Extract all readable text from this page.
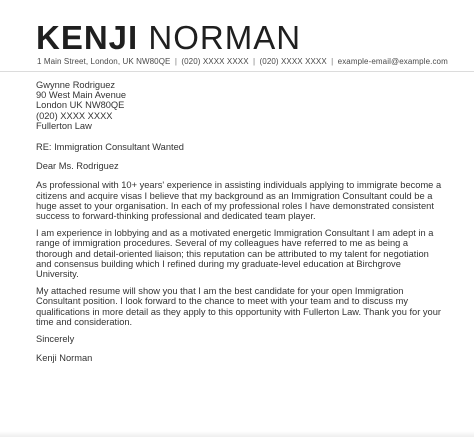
KENJI NORMAN
1 Main Street, London, UK NW80QE | (020) XXXX XXXX | (020) XXXX XXXX | example-email@example.com
Gwynne Rodriguez
90 West Main Avenue
London UK NW80QE
(020) XXXX XXXX
Fullerton Law

RE: Immigration Consultant Wanted

Dear Ms. Rodriguez

As professional with 10+ years' experience in assisting individuals applying to immigrate become a citizens and acquire visas I believe that my background as an Immigration Consultant could be a huge asset to your organisation. In each of my professional roles I have demonstrated consistent success to forward-thinking professional and dedicated team player.

I am experience in lobbying and as a motivated energetic Immigration Consultant I am adept in a range of immigration procedures. Several of my colleagues have referred to me as being a thorough and detail-oriented liaison; this reputation can be attributed to my talent for negotiation and consensus building which I refined during my graduate-level education at Birchgrove University.

My attached resume will show you that I am the best candidate for your open Immigration Consultant position. I look forward to the chance to meet with your team and to discuss my qualifications in more detail as they apply to this opportunity with Fullerton Law. Thank you for your time and consideration.

Sincerely

Kenji Norman
